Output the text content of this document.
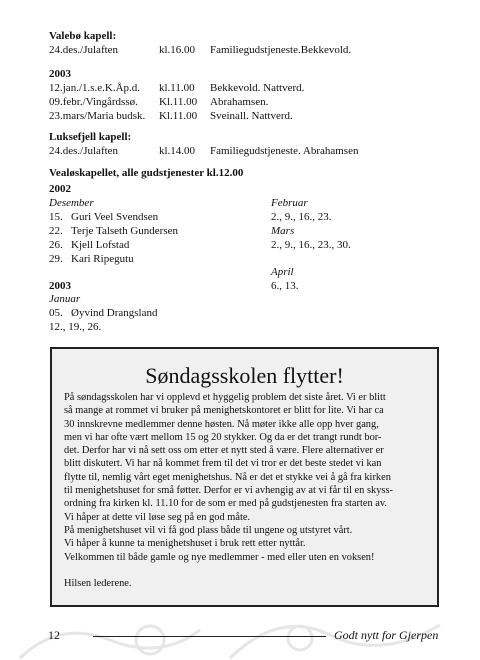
Valebø kapell:
24.des./Julaften	kl.16.00 Familiegudstjeneste.Bekkevold.
2003
12.jan./1.s.e.K.Åp.d. kl.11.00 Bekkevold. Nattverd.
09.febr./Vingårdssø. Kl.11.00 Abrahamsen.
23.mars/Maria budsk. Kl.11.00 Sveinall. Nattverd.
Luksefjell kapell:
24.des./Julaften	kl.14.00 Familiegudstjeneste. Abrahamsen
Vealøskapellet, alle gudstjenester kl.12.00
2002
Desember
15. Guri Veel Svendsen
22. Terje Talseth Gundersen
26. Kjell Lofstad
29. Kari Ripegutu
2003
Januar
05. Øyvind Drangsland
12., 19., 26.
Februar
2., 9., 16., 23.
Mars
2., 9., 16., 23., 30.
April
6., 13.
Søndagsskolen flytter!
På søndagsskolen har vi opplevd et hyggelig problem det siste året. Vi er blitt
så mange at rommet vi bruker på menighetskontoret er blitt for lite. Vi har ca
30 innskrevne medlemmer denne høsten. Nå møter ikke alle opp hver gang,
men vi har ofte vært mellom 15 og 20 stykker. Og da er det trangt rundt bor-
det. Derfor har vi nå sett oss om etter et nytt sted å være. Flere alternativer er
blitt diskutert. Vi har nå kommet frem til det vi tror er det beste stedet vi kan
flytte til, nemlig vårt eget menighetshus. Nå er det et stykke vei å gå fra kirken
til menighetshuset for små føtter. Derfor er vi avhengig av at vi får til en skyss-
ordning fra kirken kl. 11.10 for de som er med på gudstjenesten fra starten av.
Vi håper at dette vil løse seg på en god måte.
På menighetshuset vil vi få god plass både til ungene og utstyret vårt.
Vi håper å kunne ta menighetshuset i bruk rett etter nyttår.
Velkommen til både gamle og nye medlemmer - med eller uten en voksen!
Hilsen lederene.
12	Godt nytt for Gjerpen
